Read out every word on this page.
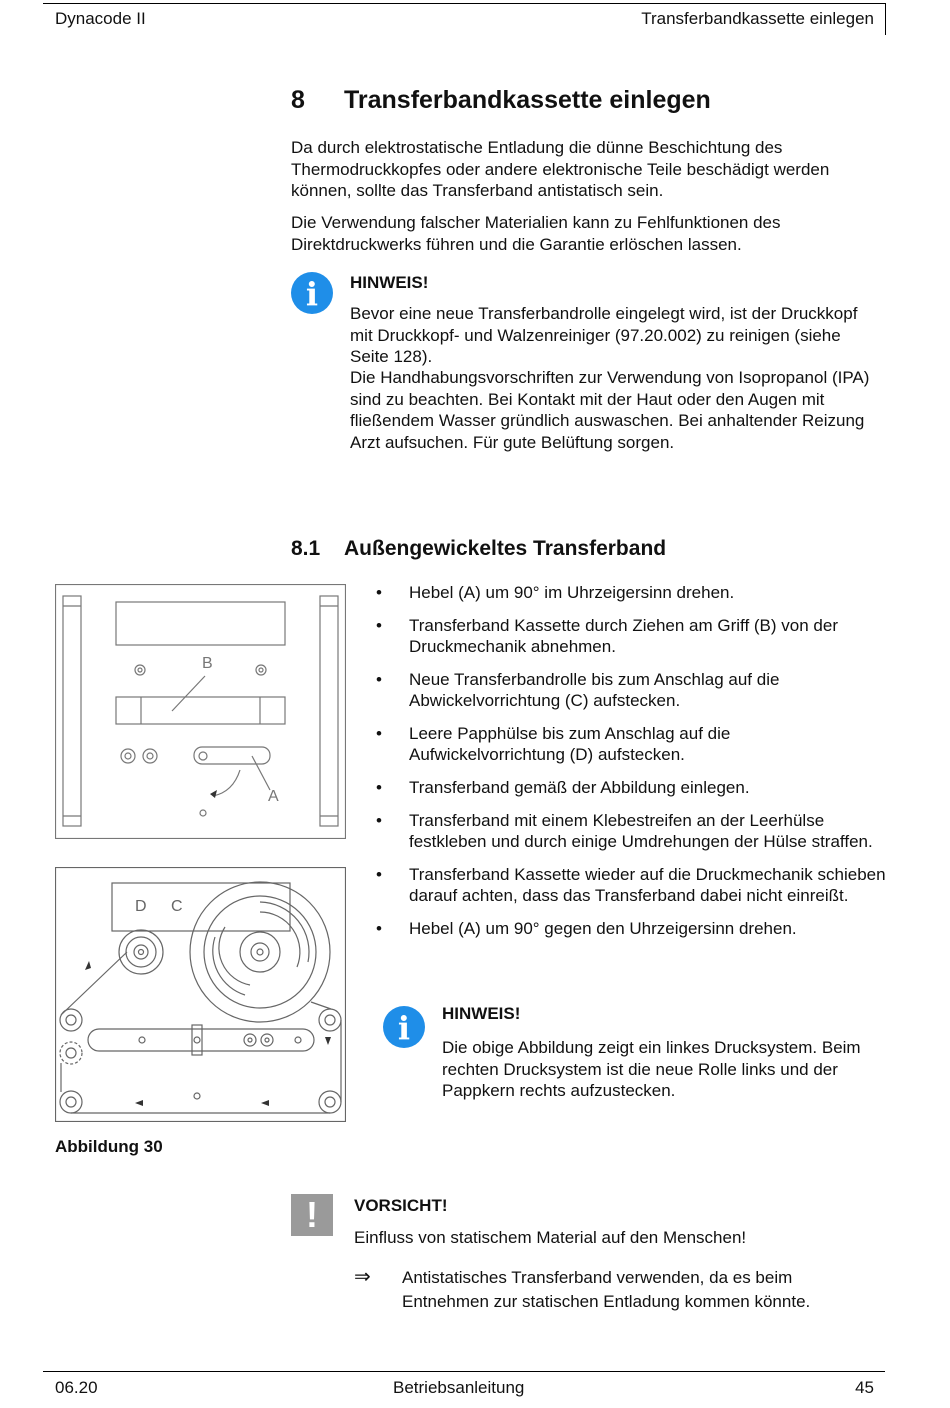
Dynacode II	Transferbandkassette einlegen
8 Transferbandkassette einlegen
Da durch elektrostatische Entladung die dünne Beschichtung des Thermodruckkopfes oder andere elektronische Teile beschädigt werden können, sollte das Transferband antistatisch sein.
Die Verwendung falscher Materialien kann zu Fehlfunktionen des Direktdruckwerks führen und die Garantie erlöschen lassen.
i	HINWEIS!
Bevor eine neue Transferbandrolle eingelegt wird, ist der Druckkopf mit Druckkopf- und Walzenreiniger (97.20.002) zu reinigen (siehe Seite 128).
Die Handhabungsvorschriften zur Verwendung von Isopropanol (IPA) sind zu beachten. Bei Kontakt mit der Haut oder den Augen mit fließendem Wasser gründlich auswaschen. Bei anhaltender Reizung Arzt aufsuchen. Für gute Belüftung sorgen.
8.1 Außengewickeltes Transferband
• Hebel (A) um 90° im Uhrzeigersinn drehen.
• Transferband Kassette durch Ziehen am Griff (B) von der Druckmechanik abnehmen.
• Neue Transferbandrolle bis zum Anschlag auf die Abwickelvorrichtung (C) aufstecken.
• Leere Papphülse bis zum Anschlag auf die Aufwickelvorrichtung (D) aufstecken.
• Transferband gemäß der Abbildung einlegen.
• Transferband mit einem Klebestreifen an der Leerhülse festkleben und durch einige Umdrehungen der Hülse straffen.
• Transferband Kassette wieder auf die Druckmechanik schieben darauf achten, dass das Transferband dabei nicht einreißt.
• Hebel (A) um 90° gegen den Uhrzeigersinn drehen.
i	HINWEIS!
Die obige Abbildung zeigt ein linkes Drucksystem. Beim rechten Drucksystem ist die neue Rolle links und der Pappkern rechts aufzustecken.
B
A
D C
Abbildung 30
!	VORSICHT!
Einfluss von statischem Material auf den Menschen!
⇒ Antistatisches Transferband verwenden, da es beim Entnehmen zur statischen Entladung kommen könnte.
06.20	Betriebsanleitung	45
